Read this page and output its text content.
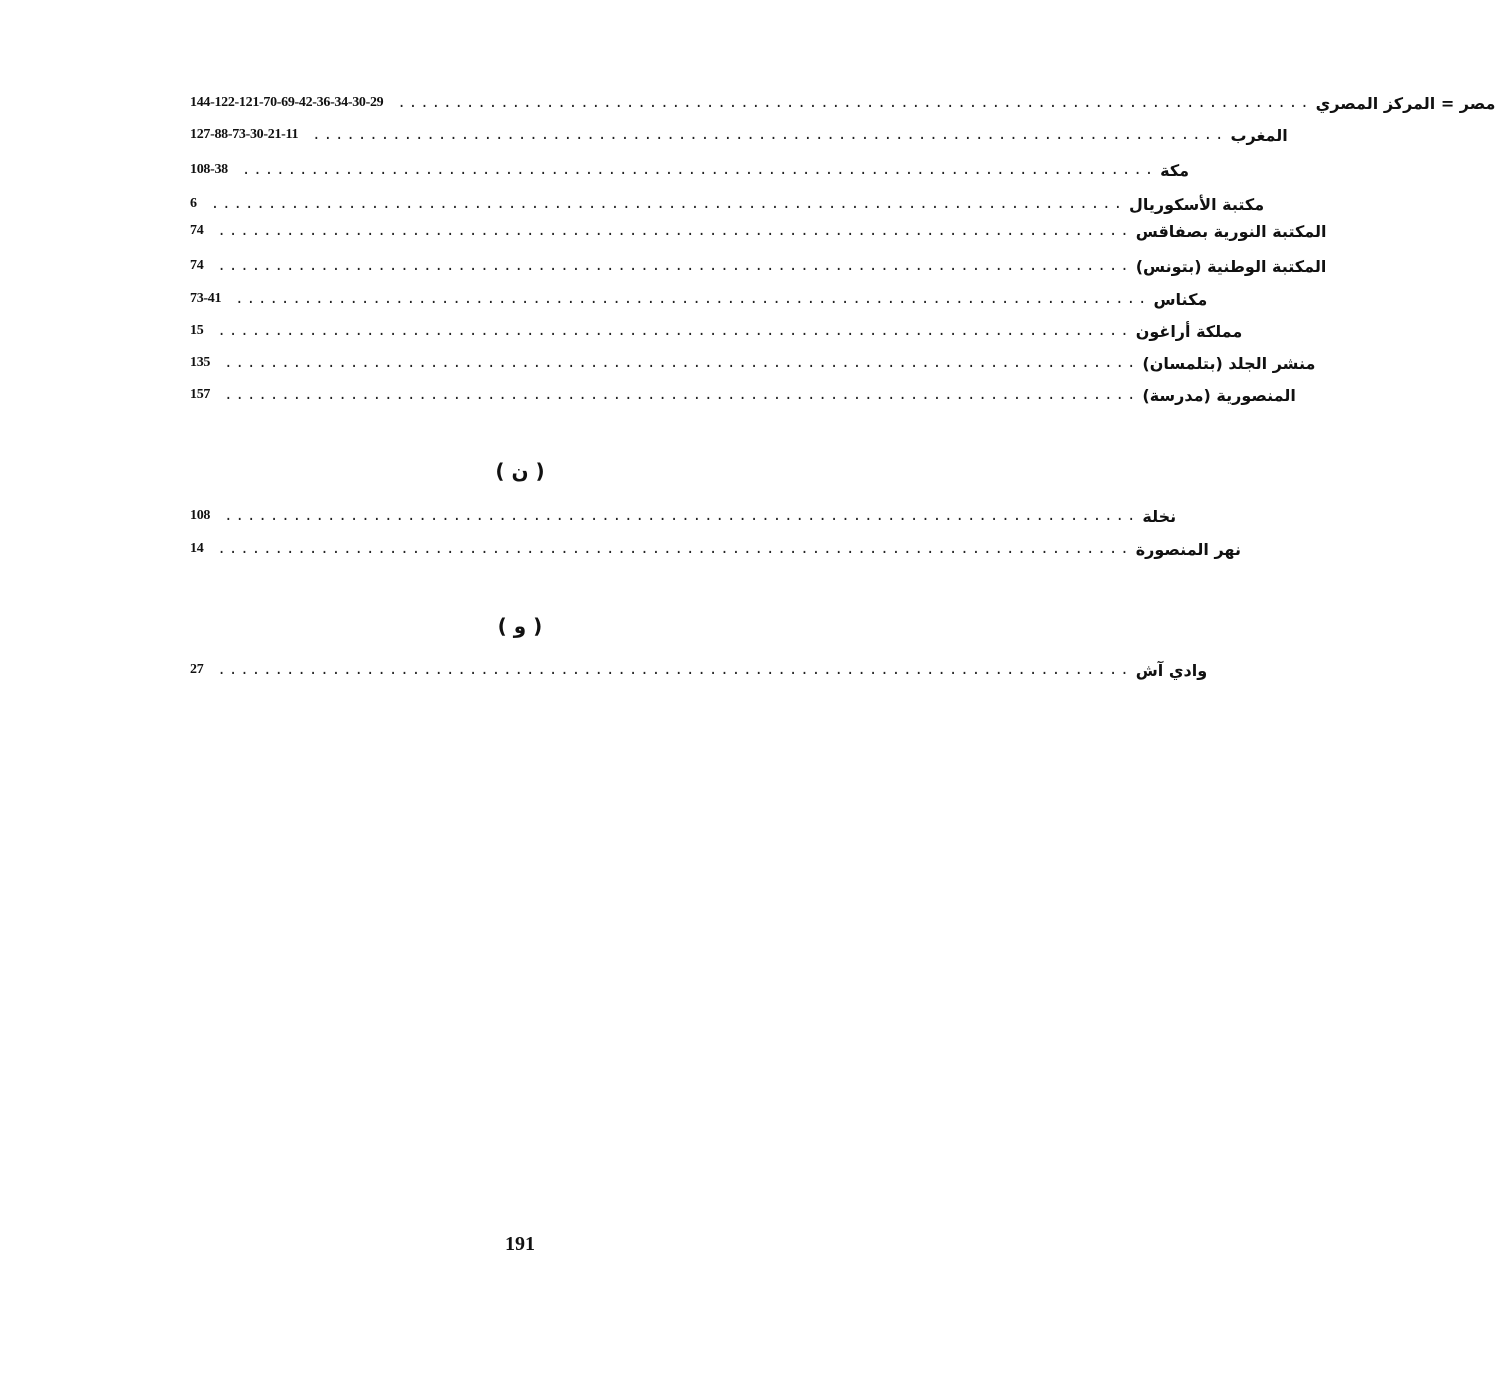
144-122-121-70-69-42-36-34-30-29	................................................................................ مصر = المركز المصري
127-88-73-30-21-11	................................................................................ المغرب
108-38	................................................................................ مكة
6	................................................................................ مكتبة الأسكوريال
74	................................................................................ المكتبة النورية بصفاقس
74	................................................................................ المكتبة الوطنية (بتونس)
73-41	................................................................................ مكناس
15	................................................................................ مملكة أراغون
135	................................................................................ منشر الجلد (بتلمسان)
157	................................................................................ المنصورية (مدرسة)
( ن )
108	................................................................................ نخلة
14	................................................................................ نهر المنصورة
( و )
27	................................................................................ وادي آش
191
